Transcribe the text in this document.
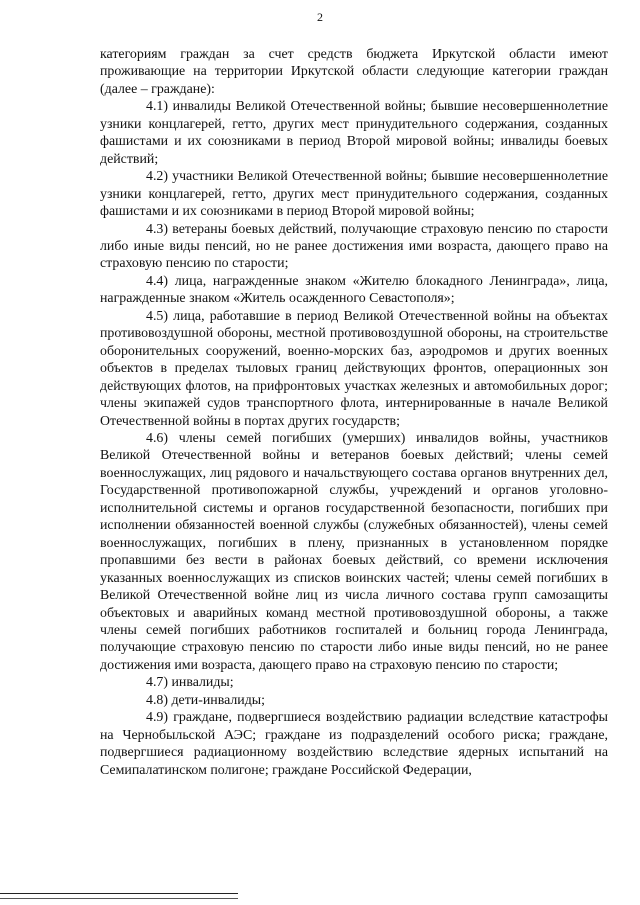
2

категориям граждан за счет средств бюджета Иркутской области имеют проживающие на территории Иркутской области следующие категории граждан (далее – граждане):

4.1) инвалиды Великой Отечественной войны; бывшие несовершеннолетние узники концлагерей, гетто, других мест принудительного содержания, созданных фашистами и их союзниками в период Второй мировой войны; инвалиды боевых действий;

4.2) участники Великой Отечественной войны; бывшие несовершеннолетние узники концлагерей, гетто, других мест принудительного содержания, созданных фашистами и их союзниками в период Второй мировой войны;

4.3) ветераны боевых действий, получающие страховую пенсию по старости либо иные виды пенсий, но не ранее достижения ими возраста, дающего право на страховую пенсию по старости;

4.4) лица, награжденные знаком «Жителю блокадного Ленинграда», лица, награжденные знаком «Житель осажденного Севастополя»;

4.5) лица, работавшие в период Великой Отечественной войны на объектах противовоздушной обороны, местной противовоздушной обороны, на строительстве оборонительных сооружений, военно-морских баз, аэродромов и других военных объектов в пределах тыловых границ действующих фронтов, операционных зон действующих флотов, на прифронтовых участках железных и автомобильных дорог; члены экипажей судов транспортного флота, интернированные в начале Великой Отечественной войны в портах других государств;

4.6) члены семей погибших (умерших) инвалидов войны, участников Великой Отечественной войны и ветеранов боевых действий; члены семей военнослужащих, лиц рядового и начальствующего состава органов внутренних дел, Государственной противопожарной службы, учреждений и органов уголовно-исполнительной системы и органов государственной безопасности, погибших при исполнении обязанностей военной службы (служебных обязанностей), члены семей военнослужащих, погибших в плену, признанных в установленном порядке пропавшими без вести в районах боевых действий, со времени исключения указанных военнослужащих из списков воинских частей; члены семей погибших в Великой Отечественной войне лиц из числа личного состава групп самозащиты объектовых и аварийных команд местной противовоздушной обороны, а также члены семей погибших работников госпиталей и больниц города Ленинграда, получающие страховую пенсию по старости либо иные виды пенсий, но не ранее достижения ими возраста, дающего право на страховую пенсию по старости;

4.7) инвалиды;

4.8) дети-инвалиды;

4.9) граждане, подвергшиеся воздействию радиации вследствие катастрофы на Чернобыльской АЭС; граждане из подразделений особого риска; граждане, подвергшиеся радиационному воздействию вследствие ядерных испытаний на Семипалатинском полигоне; граждане Российской Федерации,
